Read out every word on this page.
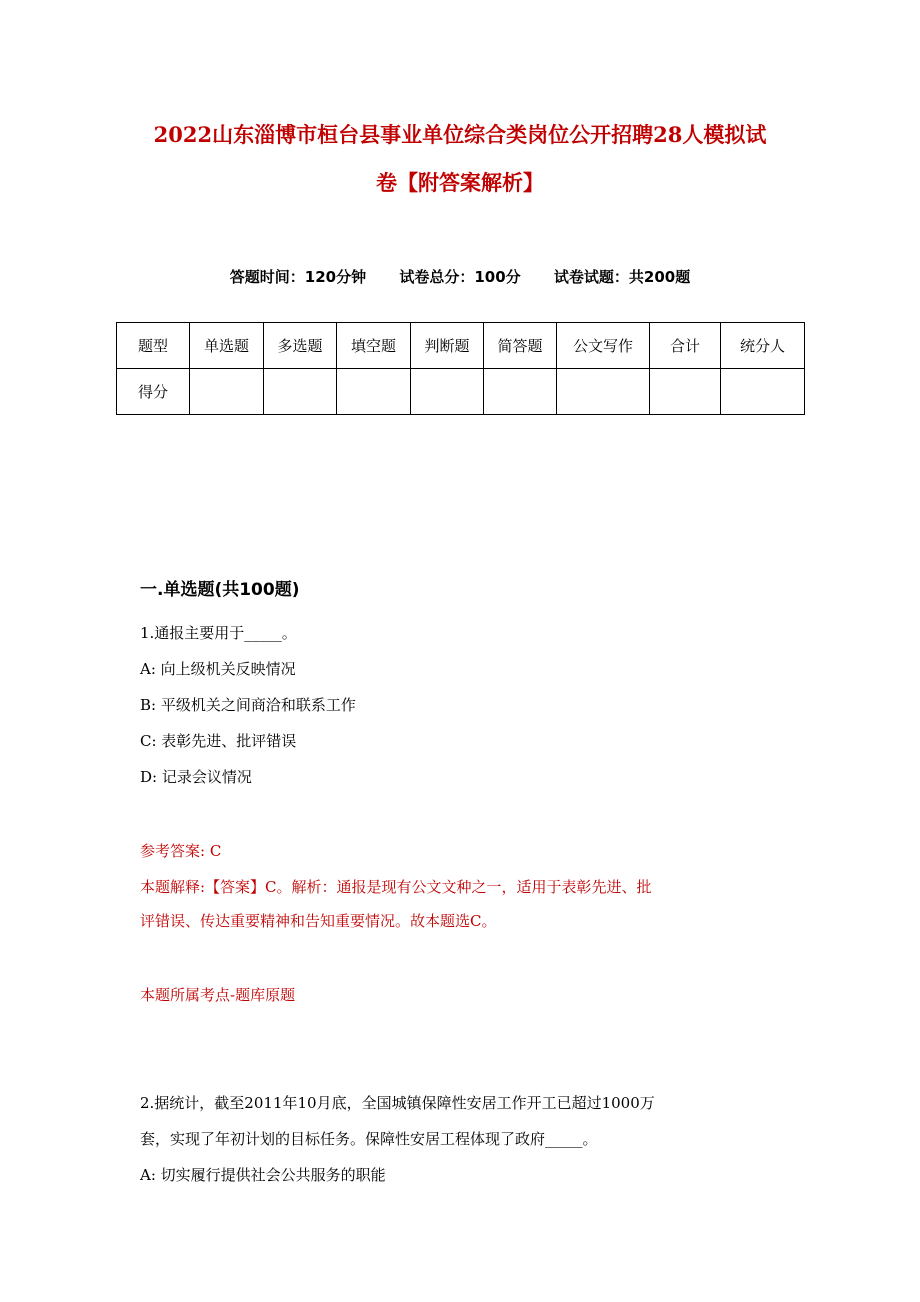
2022山东淄博市桓台县事业单位综合类岗位公开招聘28人模拟试
卷【附答案解析】
答题时间：120分钟 试卷总分：100分 试卷试题：共200题
题型	单选题	多选题	填空题	判断题	简答题	公文写作	合计	统分人
得分								
一.单选题(共100题)
1.通报主要用于_____。
A: 向上级机关反映情况
B: 平级机关之间商洽和联系工作
C: 表彰先进、批评错误
D: 记录会议情况
参考答案: C
本题解释:【答案】C。解析：通报是现有公文文种之一，适用于表彰先进、批
评错误、传达重要精神和告知重要情况。故本题选C。
本题所属考点-题库原题
2.据统计，截至2011年10月底，全国城镇保障性安居工作开工已超过1000万
套，实现了年初计划的目标任务。保障性安居工程体现了政府_____。
A: 切实履行提供社会公共服务的职能
